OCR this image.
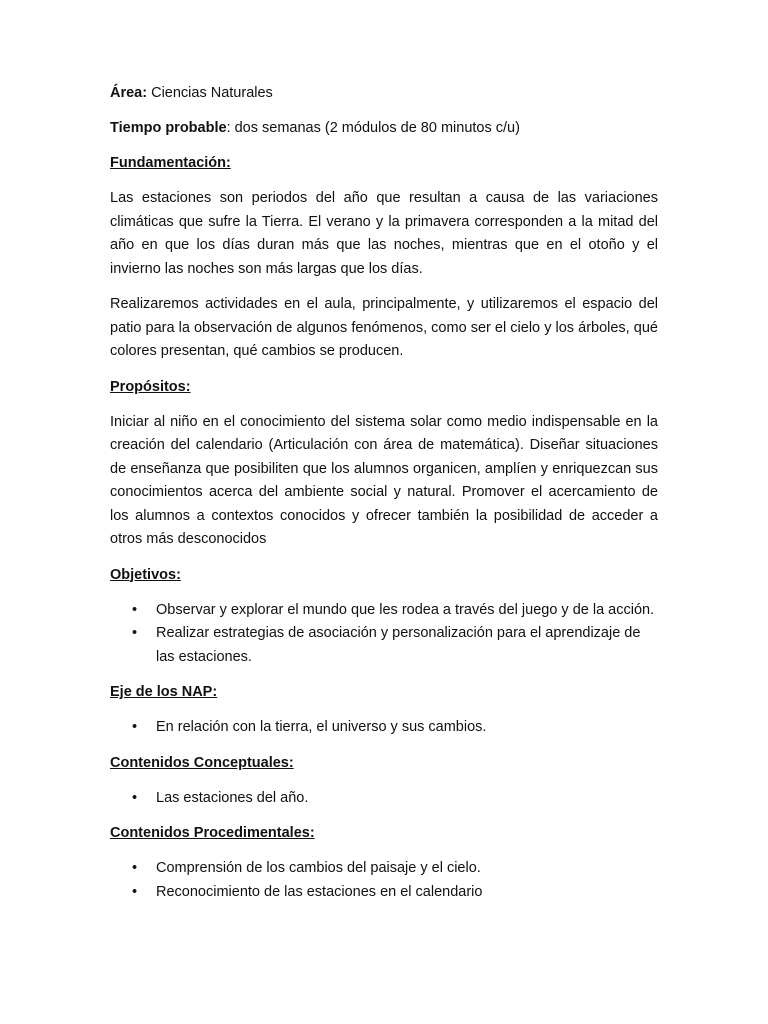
Área: Ciencias Naturales

Tiempo probable: dos semanas (2 módulos de 80 minutos c/u)

Fundamentación:

Las estaciones son periodos del año que resultan a causa de las variaciones climáticas que sufre la Tierra. El verano y la primavera corresponden a la mitad del año en que los días duran más que las noches, mientras que en el otoño y el invierno las noches son más largas que los días.

Realizaremos actividades en el aula, principalmente, y utilizaremos el espacio del patio para la observación de algunos fenómenos, como ser el cielo y los árboles, qué colores presentan, qué cambios se producen.

Propósitos:

Iniciar al niño en el conocimiento del sistema solar como medio indispensable en la creación del calendario (Articulación con área de matemática). Diseñar situaciones de enseñanza que posibiliten que los alumnos organicen, amplíen y enriquezcan sus conocimientos acerca del ambiente social y natural. Promover el acercamiento de los alumnos a contextos conocidos y ofrecer también la posibilidad de acceder a otros más desconocidos

Objetivos:

• Observar y explorar el mundo que les rodea a través del juego y de la acción.
• Realizar estrategias de asociación y personalización para el aprendizaje de las estaciones.

Eje de los NAP:

• En relación con la tierra, el universo y sus cambios.

Contenidos Conceptuales:

• Las estaciones del año.

Contenidos Procedimentales:

• Comprensión de los cambios del paisaje y el cielo.
• Reconocimiento de las estaciones en el calendario
